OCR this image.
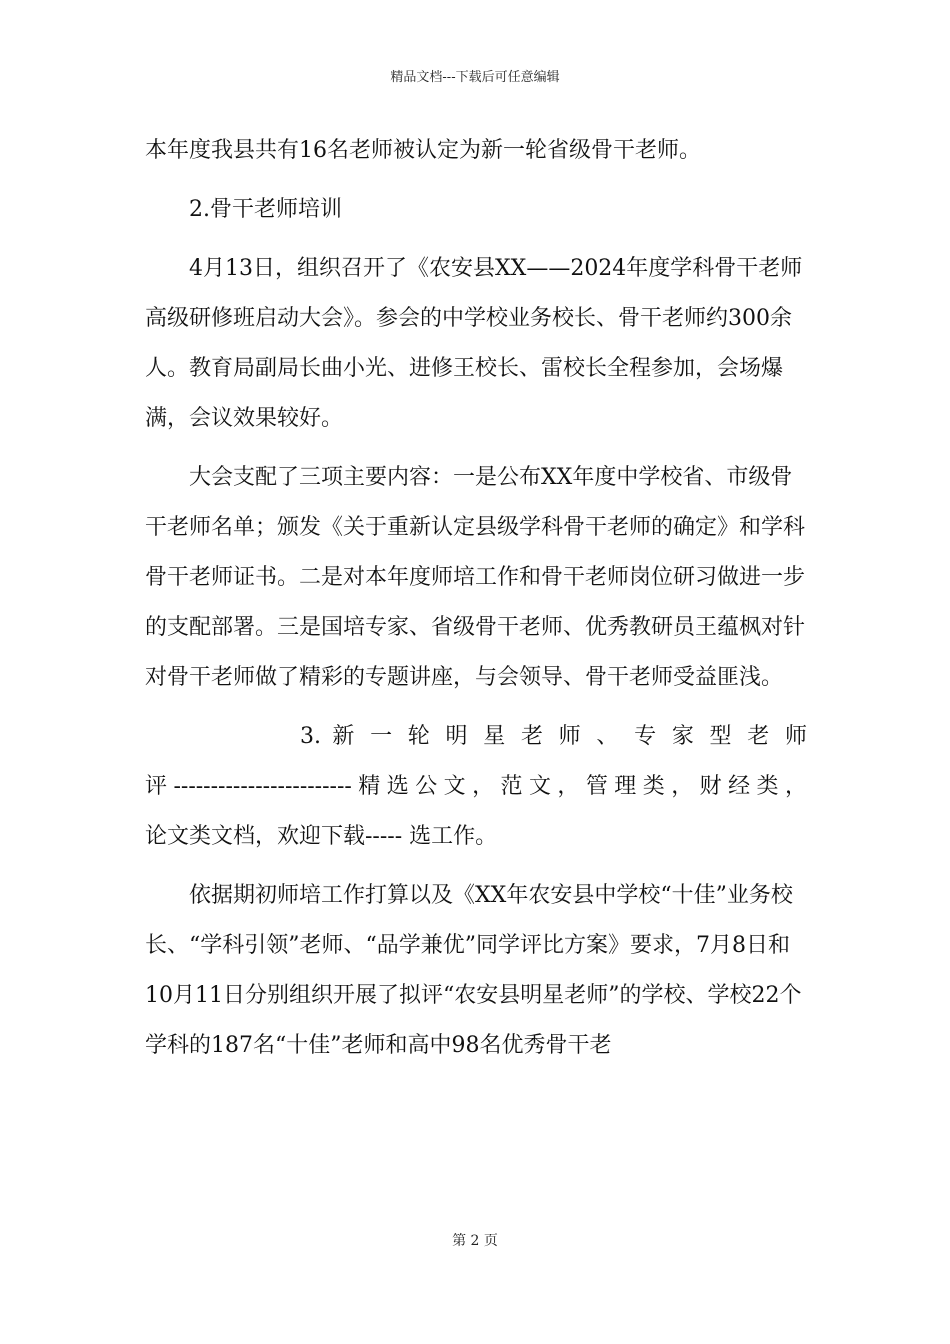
精品文档---下载后可任意编辑

本年度我县共有16名老师被认定为新一轮省级骨干老师。

2.骨干老师培训

4月13日，组织召开了《农安县XX——2024年度学科骨干老师高级研修班启动大会》。参会的中学校业务校长、骨干老师约300余人。教育局副局长曲小光、进修王校长、雷校长全程参加，会场爆满，会议效果较好。

大会支配了三项主要内容：一是公布XX年度中学校省、市级骨干老师名单；颁发《关于重新认定县级学科骨干老师的确定》和学科骨干老师证书。二是对本年度师培工作和骨干老师岗位研习做进一步的支配部署。三是国培专家、省级骨干老师、优秀教研员王蕴枫对针对骨干老师做了精彩的专题讲座，与会领导、骨干老师受益匪浅。

3. 新 一 轮 明 星 老 师 、 专 家 型 老 师

评------------------------精选公文，范文，管理类，财经类，

论文类文档，欢迎下载----- 选工作。

依据期初师培工作打算以及《XX年农安县中学校“十佳”业务校长、“学科引领”老师、“品学兼优”同学评比方案》要求，7月8日和10月11日分别组织开展了拟评“农安县明星老师”的学校、学校22个学科的187名“十佳”老师和高中98名优秀骨干老

第 2 页
